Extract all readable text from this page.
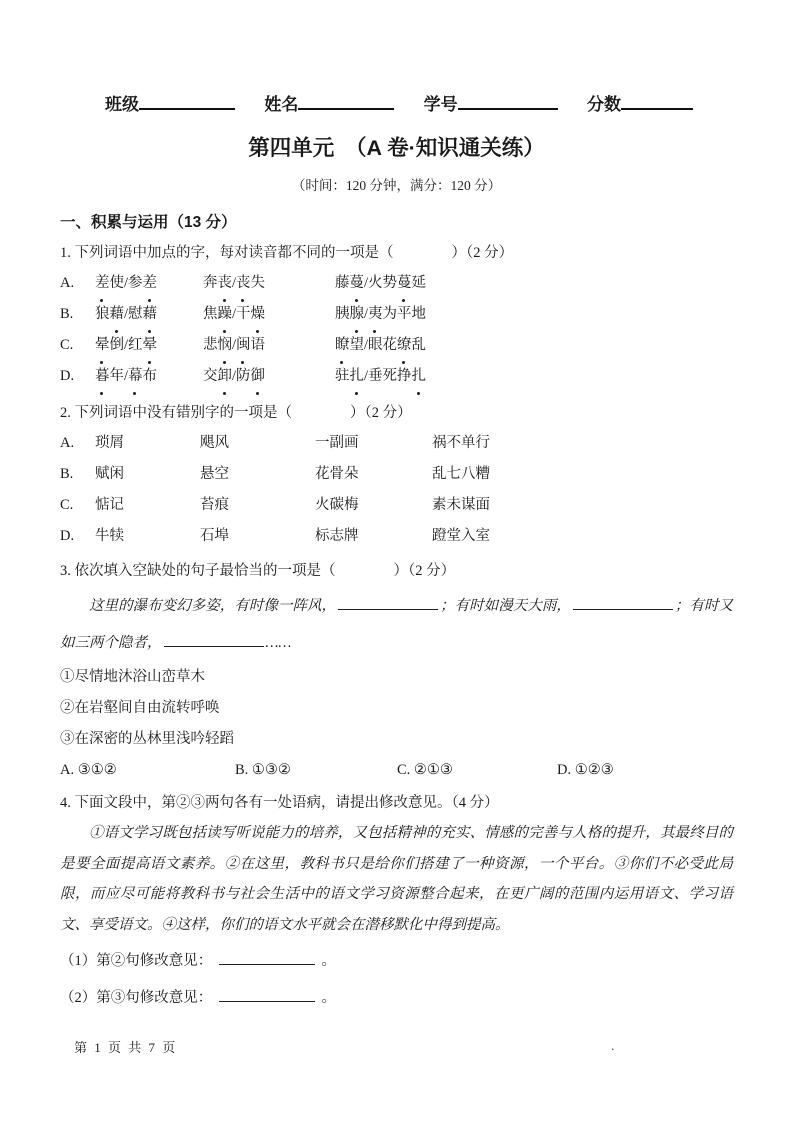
班级	姓名	学号	分数
第四单元　（A 卷·知识通关练）
（时间：120 分钟，满分：120 分）
一、积累与运用（13 分）
1. 下列词语中加点的字，每对读音都不同的一项是（　　　　）（2 分）
A.	差使/参差	奔丧/丧失	藤蔓/火势蔓延
B.	狼藉/慰藉	焦躁/干燥	胰腺/夷为平地
C.	晕倒/红晕	悲悯/闽语	瞭望/眼花缭乱
D.	暮年/幕布	交卸/防御	驻扎/垂死挣扎
2. 下列词语中没有错别字的一项是（　　　　）（2 分）
A.	琐屑	飓风	一副画	祸不单行
B.	赋闲	悬空	花骨朵	乱七八糟
C.	惦记	苔痕	火碳梅	素未谋面
D.	牛犊	石埠	标志牌	蹬堂入室
3. 依次填入空缺处的句子最恰当的一项是（　　　　）（2 分）

这里的瀑布变幻多姿，有时像一阵风，	；有时如漫天大雨，	；有时又如三两个隐者，	……

①尽情地沐浴山峦草木
②在岩壑间自由流转呼唤
③在深密的丛林里浅吟轻蹈
A. ③①②	B. ①③②	C. ②①③	D. ①②③
4. 下面文段中，第②③两句各有一处语病，请提出修改意见。（4 分）

①语文学习既包括读写听说能力的培养，又包括精神的充实、情感的完善与人格的提升，其最终目的是要全面提高语文素养。②在这里，教科书只是给你们搭建了一种资源，一个平台。③你们不必受此局限，而应尽可能将教科书与社会生活中的语文学习资源整合起来，在更广阔的范围内运用语文、学习语文、享受语文。④这样，你们的语文水平就会在潜移默化中得到提高。

（1）第②句修改意见：	。
（2）第③句修改意见：	。
第 1 页 共 7 页	.
